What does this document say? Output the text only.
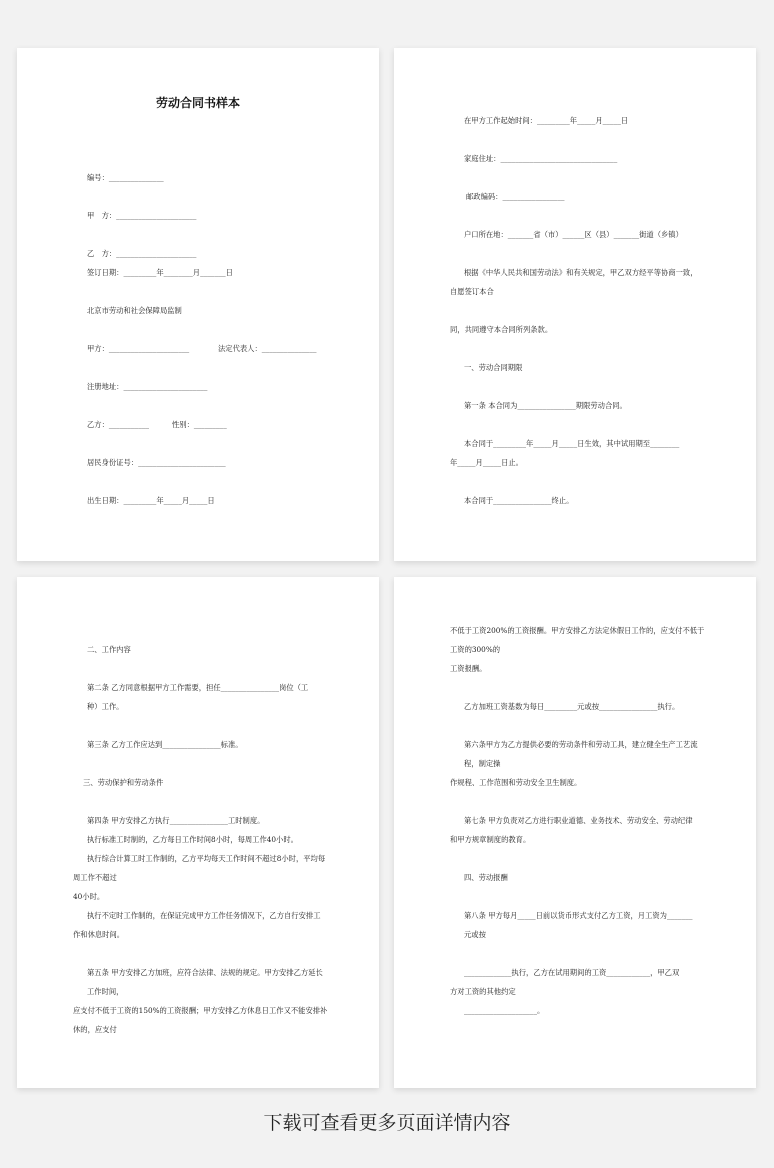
劳动合同书样本
编号：_______________
甲　方：______________________
乙　方：______________________
签订日期：_________年________月_______日
北京市劳动和社会保障局监制
甲方：______________________	法定代表人：_______________
注册地址：_______________________
乙方：___________	性别：_________
居民身份证号：________________________
出生日期：_________年_____月_____日
在甲方工作起始时间：_________年_____月_____日
家庭住址：________________________________
邮政编码：_________________
户口所在地：_______省（市）______区（县）_______街道（乡镇）
根据《中华人民共和国劳动法》和有关规定，甲乙双方经平等协商一致，
自愿签订本合
同，共同遵守本合同所列条款。
一、劳动合同期限
第一条 本合同为________________期限劳动合同。
本合同于_________年_____月_____日生效，其中试用期至________
年_____月_____日止。
本合同于________________终止。
二、工作内容
第二条 乙方同意根据甲方工作需要，担任________________岗位（工
种）工作。
第三条 乙方工作应达到________________标准。
三、劳动保护和劳动条件
第四条 甲方安排乙方执行________________工时制度。
执行标准工时制的，乙方每日工作时间8小时，每周工作40小时。
执行综合计算工时工作制的，乙方平均每天工作时间不超过8小时，平均每
周工作不超过
40小时。
执行不定时工作制的，在保证完成甲方工作任务情况下，乙方自行安排工
作和休息时间。
第五条 甲方安排乙方加班，应符合法律、法规的规定。甲方安排乙方延长
工作时间，
应支付不低于工资的150%的工资报酬；甲方安排乙方休息日工作又不能安排补
休的，应支付
不低于工资200%的工资报酬。甲方安排乙方法定休假日工作的，应支付不低于
工资的300%的
工资报酬。
乙方加班工资基数为每日_________元或按________________执行。
第六条甲方为乙方提供必要的劳动条件和劳动工具，建立健全生产工艺流
程，制定操
作规程、工作范围和劳动安全卫生制度。
第七条 甲方负责对乙方进行职业道德、业务技术、劳动安全、劳动纪律
和甲方规章制度的教育。
四、劳动报酬
第八条 甲方每月_____日前以货币形式支付乙方工资，月工资为_______
元或按
_____________执行，乙方在试用期间的工资____________，甲乙双
方对工资的其他约定
____________________。
下载可查看更多页面详情内容
